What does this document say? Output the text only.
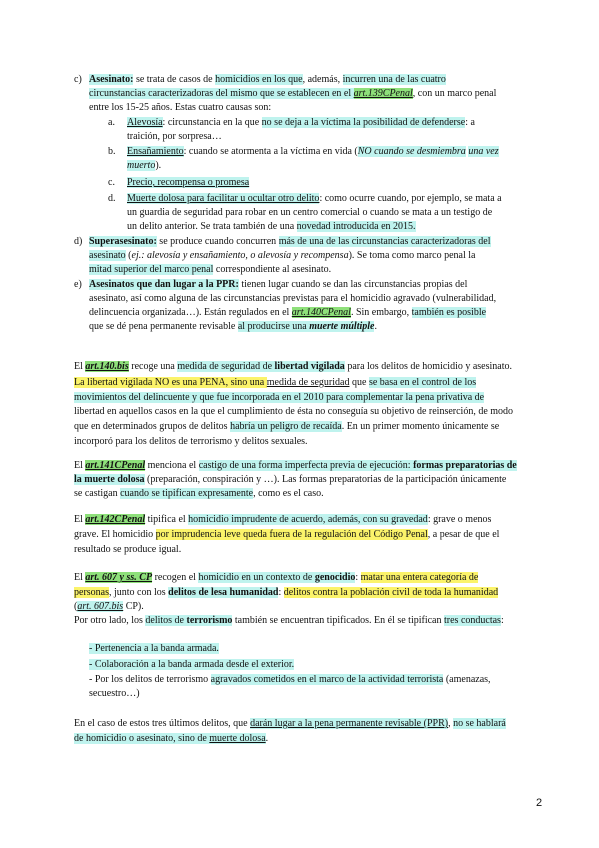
c) Asesinato: se trata de casos de homicidios en los que, además, incurren una de las cuatro
circunstancias caracterizadoras del mismo que se establecen en el art.139CPenal, con un marco penal
entre los 15-25 años. Estas cuatro causas son:
a. Alevosía: circunstancia en la que no se deja a la víctima la posibilidad de defenderse: a
traición, por sorpresa…
b. Ensañamiento: cuando se atormenta a la víctima en vida (NO cuando se desmiembra una vez
muerto).
c. Precio, recompensa o promesa
d. Muerte dolosa para facilitar u ocultar otro delito: como ocurre cuando, por ejemplo, se mata a
un guardia de seguridad para robar en un centro comercial o cuando se mata a un testigo de
un delito anterior. Se trata también de una novedad introducida en 2015.
d) Superasesinato: se produce cuando concurren más de una de las circunstancias caracterizadoras del
asesinato (ej.: alevosía y ensañamiento, o alevosía y recompensa). Se toma como marco penal la
mitad superior del marco penal correspondiente al asesinato.
e) Asesinatos que dan lugar a la PPR: tienen lugar cuando se dan las circunstancias propias del
asesinato, así como alguna de las circunstancias previstas para el homicidio agravado (vulnerabilidad,
delincuencia organizada…). Están regulados en el art.140CPenal. Sin embargo, también es posible
que se dé pena permanente revisable al producirse una muerte múltiple.
El art.140.bis recoge una medida de seguridad de libertad vigilada para los delitos de homicidio y asesinato.
La libertad vigilada NO es una PENA, sino una medida de seguridad que se basa en el control de los
movimientos del delincuente y que fue incorporada en el 2010 para complementar la pena privativa de
libertad en aquellos casos en la que el cumplimiento de ésta no conseguía su objetivo de reinserción, de modo
que en determinados grupos de delitos habría un peligro de recaída. En un primer momento únicamente se
incorporó para los delitos de terrorismo y delitos sexuales.
El art.141CPenal menciona el castigo de una forma imperfecta previa de ejecución: formas preparatorias de
la muerte dolosa (preparación, conspiración y …). Las formas preparatorias de la participación únicamente
se castigan cuando se tipifican expresamente, como es el caso.
El art.142CPenal tipifica el homicidio imprudente de acuerdo, además, con su gravedad: grave o menos
grave. El homicidio por imprudencia leve queda fuera de la regulación del Código Penal, a pesar de que el
resultado se produce igual.
El art. 607 y ss. CP recogen el homicidio en un contexto de genocidio: matar una entera categoría de
personas, junto con los delitos de lesa humanidad: delitos contra la población civil de toda la humanidad
(art. 607.bis CP).
Por otro lado, los delitos de terrorismo también se encuentran tipificados. En él se tipifican tres conductas:
- Pertenencia a la banda armada.
- Colaboración a la banda armada desde el exterior.
- Por los delitos de terrorismo agravados cometidos en el marco de la actividad terrorista (amenazas,
secuestro…)
En el caso de estos tres últimos delitos, que darán lugar a la pena permanente revisable (PPR), no se hablará
de homicidio o asesinato, sino de muerte dolosa.
2
